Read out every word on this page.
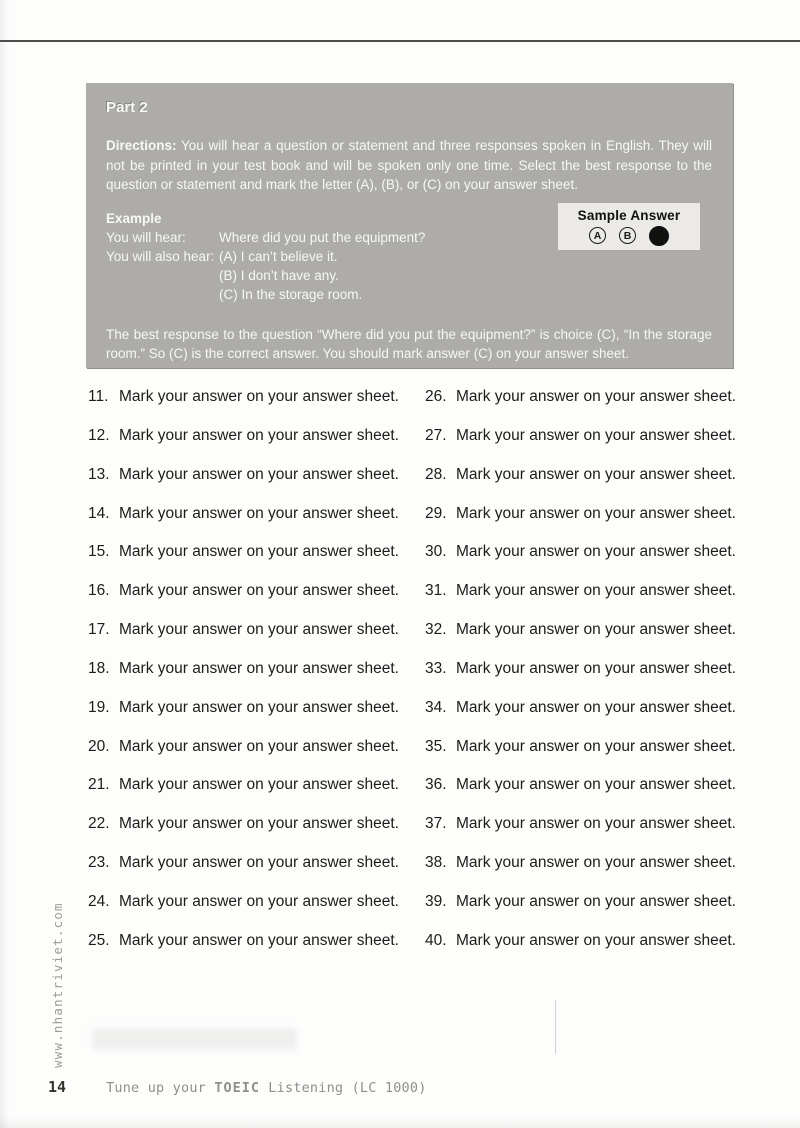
Part 2

Directions: You will hear a question or statement and three responses spoken in English. They will not be printed in your test book and will be spoken only one time. Select the best response to the question or statement and mark the letter (A), (B), or (C) on your answer sheet.

Example
You will hear:	Where did you put the equipment?
You will also hear: (A) I can’t believe it.
(B) I don’t have any.
(C) In the storage room.
Sample Answer
A	B

The best response to the question “Where did you put the equipment?” is choice (C), “In the storage room.” So (C) is the correct answer. You should mark answer (C) on your answer sheet.

11. Mark your answer on your answer sheet.	26. Mark your answer on your answer sheet.
12. Mark your answer on your answer sheet.	27. Mark your answer on your answer sheet.
13. Mark your answer on your answer sheet.	28. Mark your answer on your answer sheet.
14. Mark your answer on your answer sheet.	29. Mark your answer on your answer sheet.
15. Mark your answer on your answer sheet.	30. Mark your answer on your answer sheet.
16. Mark your answer on your answer sheet.	31. Mark your answer on your answer sheet.
17. Mark your answer on your answer sheet.	32. Mark your answer on your answer sheet.
18. Mark your answer on your answer sheet.	33. Mark your answer on your answer sheet.
19. Mark your answer on your answer sheet.	34. Mark your answer on your answer sheet.
20. Mark your answer on your answer sheet.	35. Mark your answer on your answer sheet.
21. Mark your answer on your answer sheet.	36. Mark your answer on your answer sheet.
22. Mark your answer on your answer sheet.	37. Mark your answer on your answer sheet.
23. Mark your answer on your answer sheet.	38. Mark your answer on your answer sheet.
24. Mark your answer on your answer sheet.	39. Mark your answer on your answer sheet.
25. Mark your answer on your answer sheet.	40. Mark your answer on your answer sheet.
www.nhantriviet.com
14	Tune up your TOEIC Listening (LC 1000)
